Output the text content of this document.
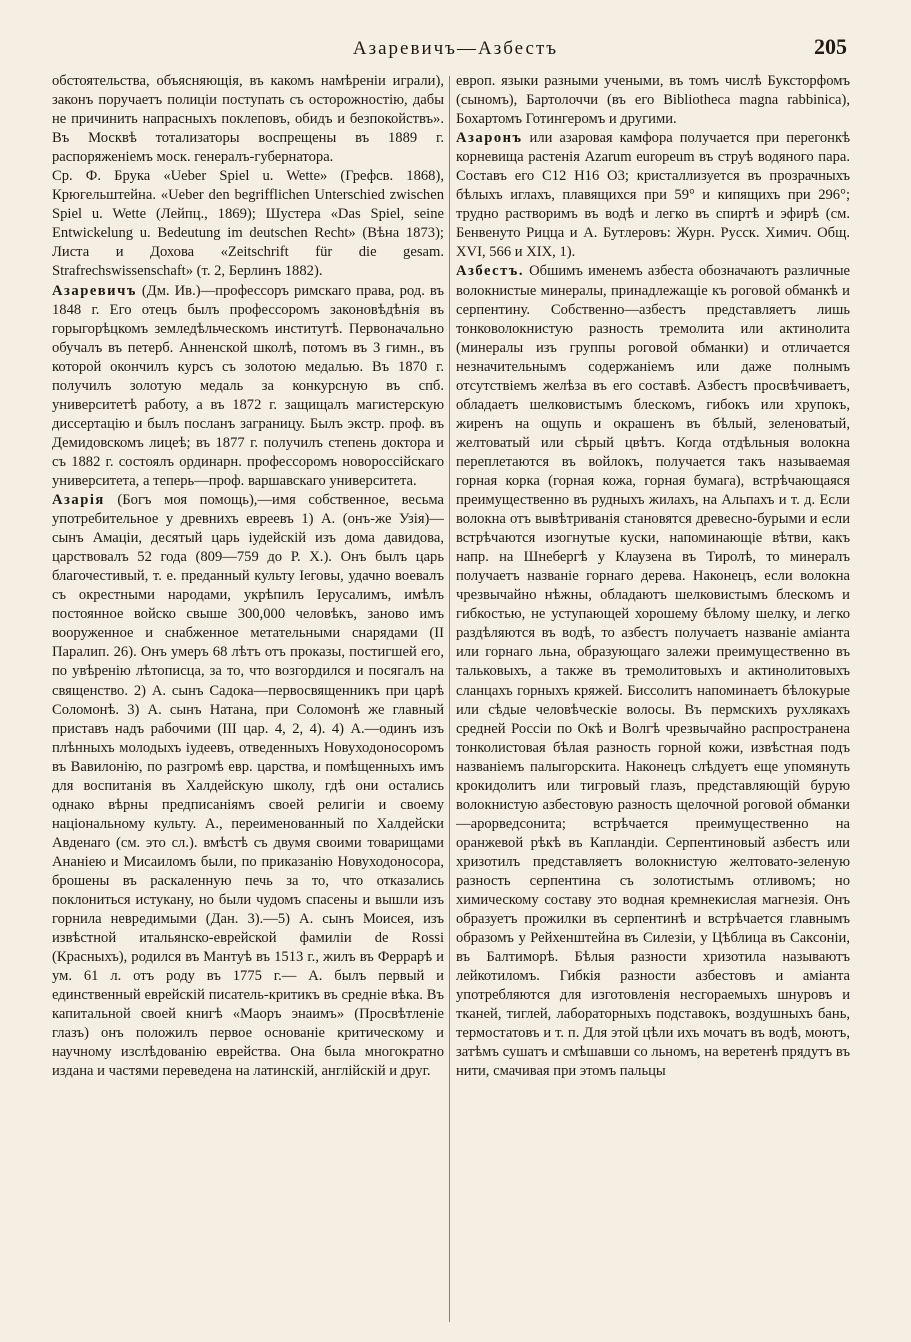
Азаревичъ—Азбестъ	205

обстоятельства, объясняющія, въ какомъ намѣреніи играли), законъ поручаетъ полиціи поступать съ осторожностію, дабы не причинить напрасныхъ поклеповъ, обидъ и безпокойствъ». Въ Москвѣ тотализаторы воспрещены въ 1889 г. распоряженіемъ моск. генералъ-губернатора.

Ср. Ф. Брука «Ueber Spiel u. Wette» (Грефсв. 1868), Крюгельштейна. «Ueber den begrifflichen Unterschied zwischen Spiel u. Wette (Лейпц., 1869); Шустера «Das Spiel, seine Entwickelung u. Bedeutung im deutschen Recht» (Вѣна 1873); Листа и Дохова «Zeitschrift für die gesam. Strafrechswissenschaft» (т. 2, Берлинъ 1882).

Азаревичъ (Дм. Ив.)—профессоръ римскаго права, род. въ 1848 г. Его отецъ былъ профессоромъ законовѣдѣнія въ горыгорѣцкомъ земледѣльческомъ институтѣ. Первоначально обучалъ въ петерб. Анненской школѣ, потомъ въ 3 гимн., въ которой окончилъ курсъ съ золотою медалью. Въ 1870 г. получилъ золотую медаль за конкурсную въ спб. университетѣ работу, а въ 1872 г. защищалъ магистерскую диссертацію и былъ посланъ заграницу. Былъ экстр. проф. въ Демидовскомъ лицеѣ; въ 1877 г. получилъ степень доктора и съ 1882 г. состоялъ ординарн. профессоромъ новороссійскаго университета, а теперь—проф. варшавскаго университета.

Азарія (Богъ моя помощь),—имя собственное, весьма употребительное у древнихъ евреевъ 1) А. (онъ-же Узія)—сынъ Амаціи, десятый царь іудейскій изъ дома давидова, царствовалъ 52 года (809—759 до Р. Х.). Онъ былъ царь благочестивый, т. е. преданный культу Іеговы, удачно воевалъ съ окрестными народами, укрѣпилъ Іерусалимъ, имѣлъ постоянное войско свыше 300,000 человѣкъ, заново имъ вооруженное и снабженное метательными снарядами (II Паралип. 26). Онъ умеръ 68 лѣтъ отъ проказы, постигшей его, по увѣренію лѣтописца, за то, что возгордился и посягалъ на священство. 2) А. сынъ Садока—первосвященникъ при царѣ Соломонѣ. 3) А. сынъ Натана, при Соломонѣ же главный приставъ надъ рабочими (III цар. 4, 2, 4). 4) А.—одинъ изъ плѣнныхъ молодыхъ іудеевъ, отведенныхъ Новуходоносоромъ въ Вавилонію, по разгромѣ евр. царства, и помѣщенныхъ имъ для воспитанія въ Халдейскую школу, гдѣ они остались однако вѣрны предписаніямъ своей религіи и своему національному культу. А., переименованный по Халдейски Авденаго (см. это сл.). вмѣстѣ съ двумя своими товарищами Ананіею и Мисаиломъ были, по приказанію Новуходоносора, брошены въ раскаленную печь за то, что отказались поклониться истукану, но были чудомъ спасены и вышли изъ горнила невредимыми (Дан. 3).—5) А. сынъ Моисея, изъ извѣстной итальянско-еврейской фамиліи de Rossi (Красныхъ), родился въ Мантуѣ въ 1513 г., жилъ въ Феррарѣ и ум. 61 л. отъ роду въ 1775 г.— А. былъ первый и единственный еврейскій писатель-критикъ въ средніе вѣка. Въ капитальной своей книгѣ «Маоръ энаимъ» (Просвѣтленіе глазъ) онъ положилъ первое основаніе критическому и научному изслѣдованію еврейства. Она была многократно издана и частями переведена на латинскій, англійскій и друг.

европ. языки разными учеными, въ томъ числѣ Буксторфомъ (сыномъ), Бартолоччи (въ его Bibliotheca magna rabbinica), Бохартомъ Готингеромъ и другими.

Азаронъ или азаровая камфора получается при перегонкѣ корневища растенія Azarum europeum въ струѣ водяного пара. Составъ его C12 H16 O3; кристаллизуется въ прозрачныхъ бѣлыхъ иглахъ, плавящихся при 59° и кипящихъ при 296°; трудно растворимъ въ водѣ и легко въ спиртѣ и эфирѣ (см. Бенвенуто Рицца и А. Бутлеровъ: Журн. Русск. Химич. Общ. XVI, 566 и XIX, 1).

Азбестъ. Обшимъ именемъ азбеста обозначаютъ различные волокнистые минералы, принадлежащіе къ роговой обманкѣ и серпентину. Собственно—азбестъ представляетъ лишь тонковолокнистую разность тремолита или актинолита (минералы изъ группы роговой обманки) и отличается незначительнымъ содержаніемъ или даже полнымъ отсутствіемъ желѣза въ его составѣ. Азбестъ просвѣчиваетъ, обладаетъ шелковистымъ блескомъ, гибокъ или хрупокъ, жиренъ на ощупь и окрашенъ въ бѣлый, зеленоватый, желтоватый или сѣрый цвѣтъ. Когда отдѣльныя волокна переплетаются въ войлокъ, получается такъ называемая горная корка (горная кожа, горная бумага), встрѣчающаяся преимущественно въ рудныхъ жилахъ, на Альпахъ и т. д. Если волокна отъ вывѣтриванія становятся древесно-бурыми и если встрѣчаются изогнутые куски, напоминающіе вѣтви, какъ напр. на Шнебергѣ у Клаузена въ Тиролѣ, то минералъ получаетъ названіе горнаго дерева. Наконецъ, если волокна чрезвычайно нѣжны, обладаютъ шелковистымъ блескомъ и гибкостью, не уступающей хорошему бѣлому шелку, и легко раздѣляются въ водѣ, то азбестъ получаетъ названіе аміанта или горнаго льна, образующаго залежи преимущественно въ тальковыхъ, а также въ тремолитовыхъ и актинолитовыхъ сланцахъ горныхъ кряжей. Биссолитъ напоминаетъ бѣлокурые или сѣдые человѣческіе волосы. Въ пермскихъ рухлякахъ средней Россіи по Окѣ и Волгѣ чрезвычайно распространена тонколистовая бѣлая разность горной кожи, извѣстная подъ названіемъ палыгорскита. Наконецъ слѣдуетъ еще упомянуть крокидолитъ или тигровый глазъ, представляющій бурую волокнистую азбестовую разность щелочной роговой обманки—арорведсонита; встрѣчается преимущественно на оранжевой рѣкѣ въ Капландіи. Серпентиновый азбестъ или хризотилъ представляетъ волокнистую желтовато-зеленую разность серпентина съ золотистымъ отливомъ; но химическому составу это водная кремнекислая магнезія. Онъ образуетъ прожилки въ серпентинѣ и встрѣчается главнымъ образомъ у Рейхенштейна въ Силезіи, у Цѣблица въ Саксоніи, въ Балтиморѣ. Бѣлыя разности хризотила называютъ лейкотиломъ. Гибкія разности азбестовъ и аміанта употребляются для изготовленія несгораемыхъ шнуровъ и тканей, тиглей, лабораторныхъ подставокъ, воздушныхъ бань, термостатовъ и т. п. Для этой цѣли ихъ мочатъ въ водѣ, моютъ, затѣмъ сушатъ и смѣшавши со льномъ, на веретенѣ прядутъ въ нити, смачивая при этомъ пальцы
